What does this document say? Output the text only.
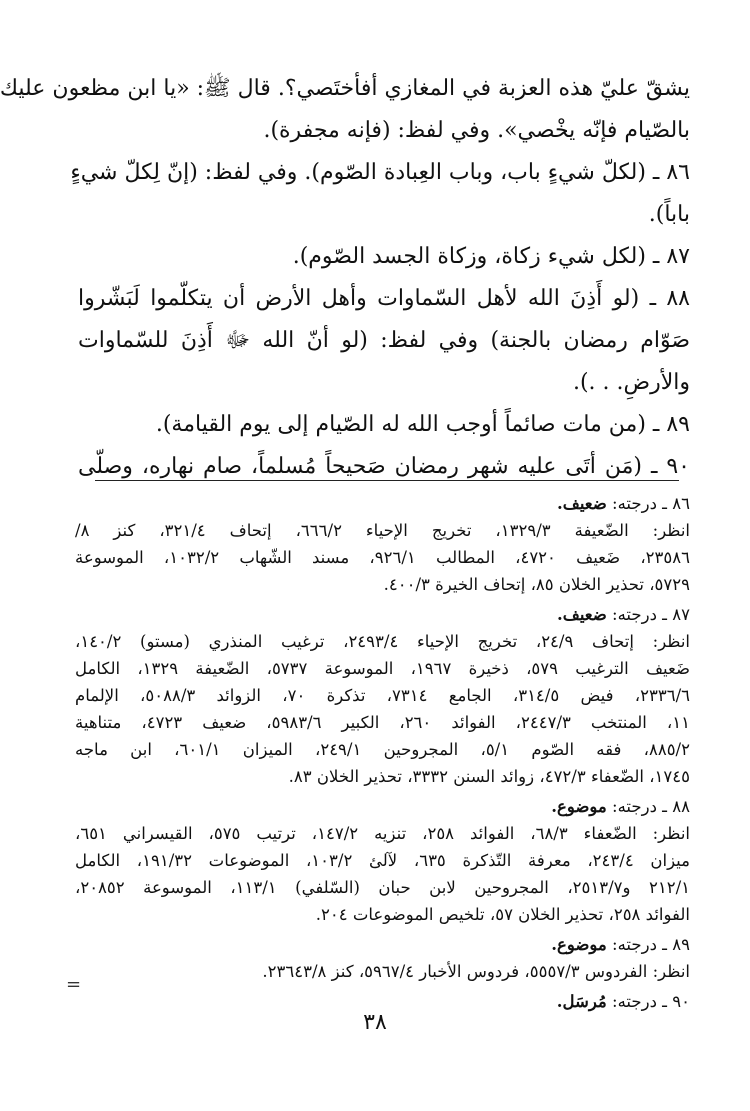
يشقّ عليّ هذه العزبة في المغازي أفأختَصي؟. قال ﷺ: «يا ابن مظعون عليك
بالصّيام فإنّه يخْصي». وفي لفظ: (فإنه مجفرة).
٨٦ ـ (لكلّ شيءٍ باب، وباب العِبادة الصّوم). وفي لفظ: (إنّ لِكلّ شيءٍ
باباً).
٨٧ ـ (لكل شيء زكاة، وزكاة الجسد الصّوم).
٨٨ ـ (لو أَذِنَ الله لأهل السّماوات وأهل الأرض أن يتكلّموا لَبَشّروا
صَوّام رمضان بالجنة) وفي لفظ: (لو أنّ الله ﷻ أَذِنَ للسّماوات
والأرضِ. . .).
٨٩ ـ (من مات صائماً أوجب الله له الصّيام إلى يوم القيامة).
٩٠ ـ (مَن أتَى عليه شهر رمضان صَحيحاً مُسلماً، صام نهاره، وصلّى
٨٦ ـ درجته: ضعيف.
انظر: الضّعيفة ١٣٢٩/٣، تخريج الإحياء ٦٦٦/٢، إتحاف ٣٢١/٤، كنز ٨/
٢٣٥٨٦، ضَعيف ٤٧٢٠، المطالب ٩٢٦/١، مسند الشّهاب ١٠٣٢/٢، الموسوعة
٥٧٢٩، تحذير الخلان ٨٥، إتحاف الخيرة ٤٠٠/٣.
٨٧ ـ درجته: ضعيف.
انظر: إتحاف ٢٤/٩، تخريج الإحياء ٢٤٩٣/٤، ترغيب المنذري (مستو) ١٤٠/٢،
ضَعيف الترغيب ٥٧٩، ذخيرة ١٩٦٧، الموسوعة ٥٧٣٧، الضّعيفة ١٣٢٩، الكامل
٢٣٣٦/٦، فيض ٣١٤/٥، الجامع ٧٣١٤، تذكرة ٧٠، الزوائد ٥٠٨٨/٣، الإلمام
١١، المنتخب ٢٤٤٧/٣، الفوائد ٢٦٠، الكبير ٥٩٨٣/٦، ضعيف ٤٧٢٣، متناهية
٨٨٥/٢، فقه الصّوم ٥/١، المجروحين ٢٤٩/١، الميزان ٦٠١/١، ابن ماجه
١٧٤٥، الضّعفاء ٤٧٢/٣، زوائد السنن ٣٣٣٢، تحذير الخلان ٨٣.
٨٨ ـ درجته: موضوع.
انظر: الضّعفاء ٦٨/٣، الفوائد ٢٥٨، تنزيه ١٤٧/٢، ترتيب ٥٧٥، القيسراني ٦٥١،
ميزان ٢٤٣/٤، معرفة التّذكرة ٦٣٥، لآلئ ١٠٣/٢، الموضوعات ١٩١/٣٢، الكامل
٢١٢/١ و٢٥١٣/٧، المجروحين لابن حبان (السّلفي) ١١٣/١، الموسوعة ٢٠٨٥٢،
الفوائد ٢٥٨، تحذير الخلان ٥٧، تلخيص الموضوعات ٢٠٤.
٨٩ ـ درجته: موضوع.
انظر: الفردوس ٥٥٥٧/٣، فردوس الأخبار ٥٩٦٧/٤، كنز ٢٣٦٤٣/٨.
٩٠ ـ درجته: مُرسَل.
=
٣٨
